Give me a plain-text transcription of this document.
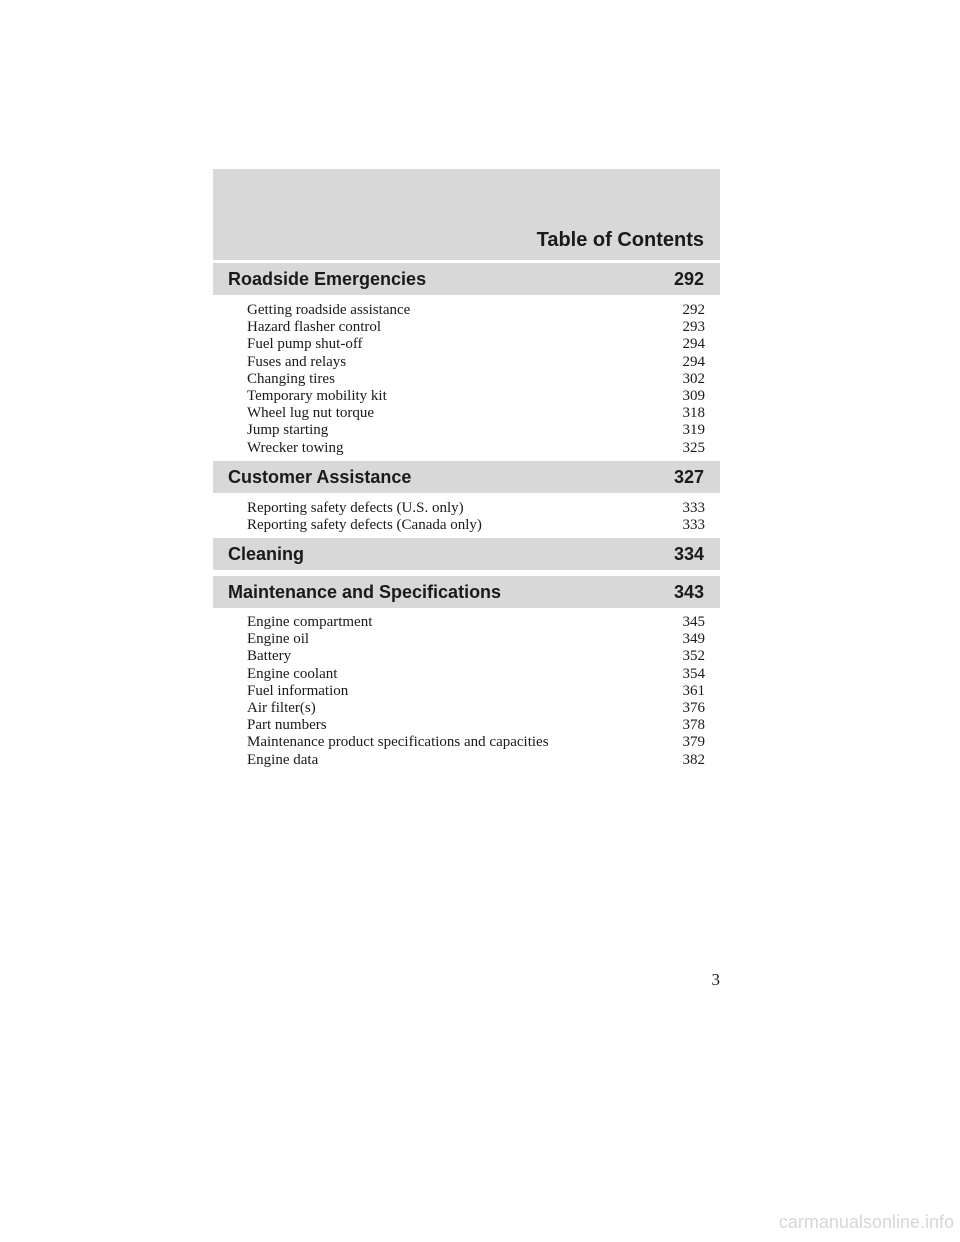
Table of Contents
Roadside Emergencies	292
Getting roadside assistance	292
Hazard flasher control	293
Fuel pump shut-off	294
Fuses and relays	294
Changing tires	302
Temporary mobility kit	309
Wheel lug nut torque	318
Jump starting	319
Wrecker towing	325
Customer Assistance	327
Reporting safety defects (U.S. only)	333
Reporting safety defects (Canada only)	333
Cleaning	334
Maintenance and Specifications	343
Engine compartment	345
Engine oil	349
Battery	352
Engine coolant	354
Fuel information	361
Air filter(s)	376
Part numbers	378
Maintenance product specifications and capacities	379
Engine data	382
3
carmanualsonline.info
